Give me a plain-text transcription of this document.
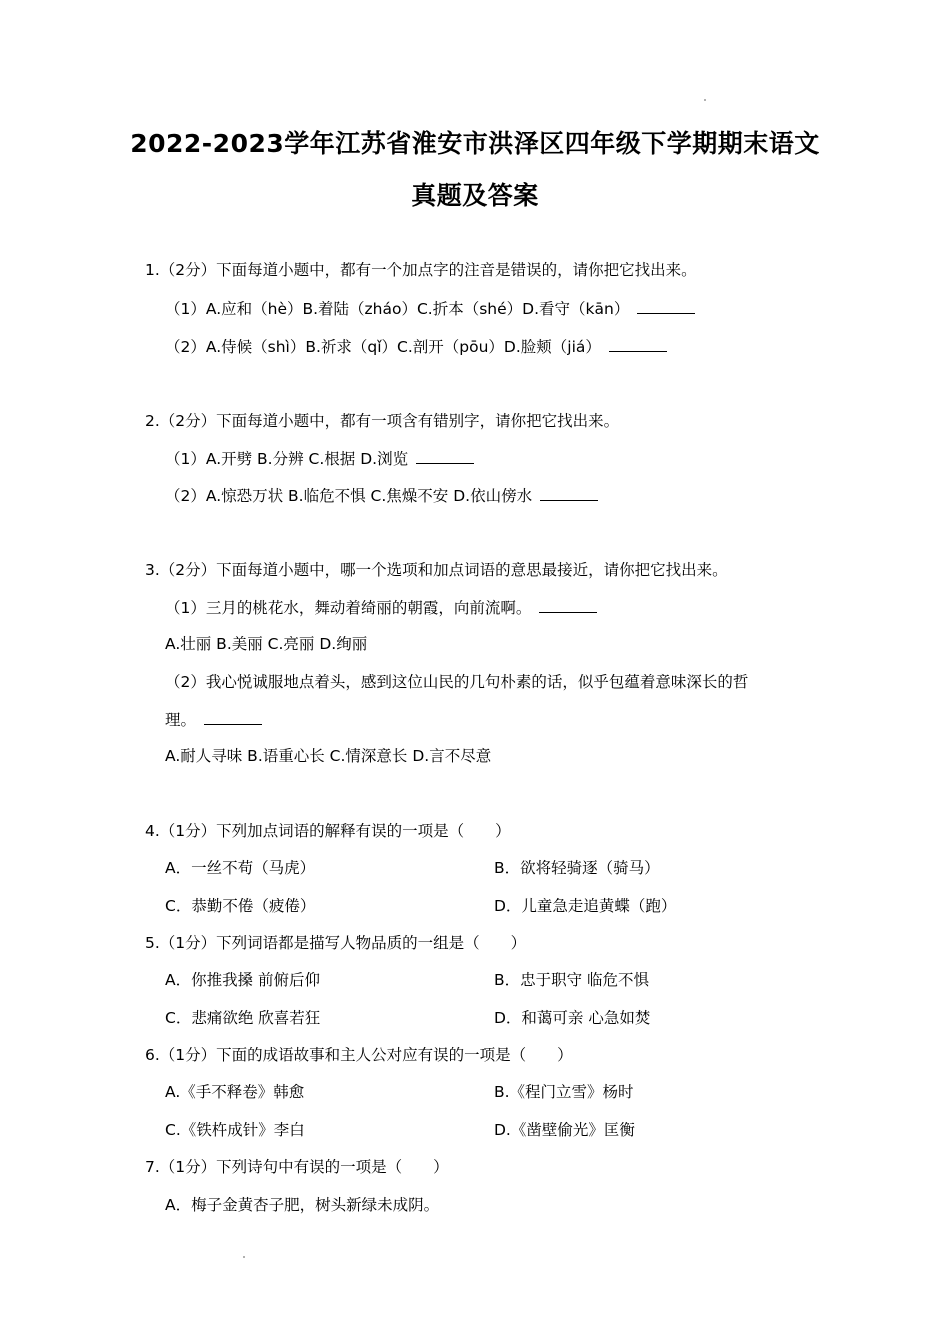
2022-2023学年江苏省淮安市洪泽区四年级下学期期末语文
真题及答案
1.（2分）下面每道小题中，都有一个加点字的注音是错误的，请你把它找出来。
（1）A.应和（hè）B.着陆（zháo）C.折本（shé）D.看守（kān）
（2）A.侍候（shì）B.祈求（qǐ）C.剖开（pōu）D.脸颊（jiá）
2.（2分）下面每道小题中，都有一项含有错别字，请你把它找出来。
（1）A.开劈 B.分辨 C.根据 D.浏览
（2）A.惊恐万状 B.临危不惧 C.焦燥不安 D.依山傍水
3.（2分）下面每道小题中，哪一个选项和加点词语的意思最接近，请你把它找出来。
（1）三月的桃花水，舞动着绮丽的朝霞，向前流啊。
A.壮丽 B.美丽 C.亮丽 D.绚丽
（2）我心悦诚服地点着头，感到这位山民的几句朴素的话，似乎包蕴着意味深长的哲
理。
A.耐人寻味 B.语重心长 C.情深意长 D.言不尽意
4.（1分）下列加点词语的解释有误的一项是（　　）
A．一丝不苟（马虎）	B．欲将轻骑逐（骑马）
C．恭勤不倦（疲倦）	D．儿童急走追黄蝶（跑）
5.（1分）下列词语都是描写人物品质的一组是（　　）
A．你推我搡 前俯后仰	B．忠于职守 临危不惧
C．悲痛欲绝 欣喜若狂	D．和蔼可亲 心急如焚
6.（1分）下面的成语故事和主人公对应有误的一项是（　　）
A.《手不释卷》韩愈	B.《程门立雪》杨时
C.《铁杵成针》李白	D.《凿壁偷光》匡衡
7.（1分）下列诗句中有误的一项是（　　）
A．梅子金黄杏子肥，树头新绿未成阴。
